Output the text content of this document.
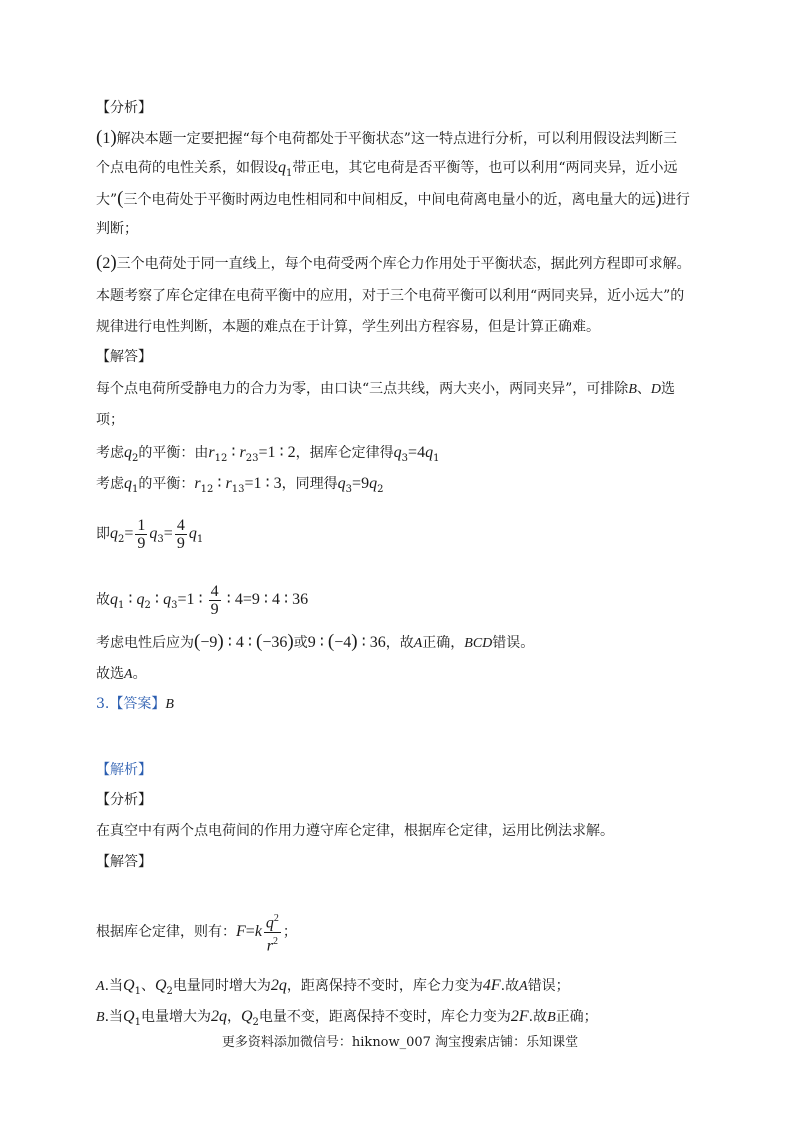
【分析】
(1)解决本题一定要把握“每个电荷都处于平衡状态”这一特点进行分析，可以利用假设法判断三
个点电荷的电性关系，如假设$q_1$带正电，其它电荷是否平衡等，也可以利用“两同夹异，近小远
大”(三个电荷处于平衡时两边电性相同和中间相反，中间电荷离电量小的近，离电量大的远)进行
判断；
(2)三个电荷处于同一直线上，每个电荷受两个库仑力作用处于平衡状态，据此列方程即可求解。
本题考察了库仑定律在电荷平衡中的应用，对于三个电荷平衡可以利用“两同夹异，近小远大”的
规律进行电性判断，本题的难点在于计算，学生列出方程容易，但是计算正确难。
【解答】
每个点电荷所受静电力的合力为零，由口诀“三点共线，两大夹小，两同夹异”，可排除B、D选
项；
考虑$q_2$的平衡：由$r_{12}$ ∶ $r_{23}=1$ ∶ 2，据库仑定律得$q_3=4q_1$
考虑$q_1$的平衡：$r_{12}$ ∶ $r_{13}=1$ ∶ 3，同理得$q_3=9q_2$
即$q_2= \frac{1}{9} q_3= \frac{4}{9} q_1$
故$q_1$ ∶ $q_2$ ∶ $q_3=1$ ∶ $\frac{4}{9}$ ∶ 4=9 ∶ 4 ∶ 36
考虑电性后应为(−9) ∶ 4 ∶ (−36)或9 ∶ (−4) ∶ 36，故A正确，BCD错误。
故选A。
3.【答案】B
【解析】
【分析】
在真空中有两个点电荷间的作用力遵守库仑定律，根据库仑定律，运用比例法求解。
【解答】
根据库仑定律，则有：$F=k \frac{q^2}{r^2}$ ；
A.当$Q_1$、$Q_2$电量同时增大为2q，距离保持不变时，库仑力变为4F.故A错误；
B.当$Q_1$电量增大为2q，$Q_2$电量不变，距离保持不变时，库仑力变为2F.故B正确；
更多资料添加微信号：hiknow_007 淘宝搜索店铺：乐知课堂
